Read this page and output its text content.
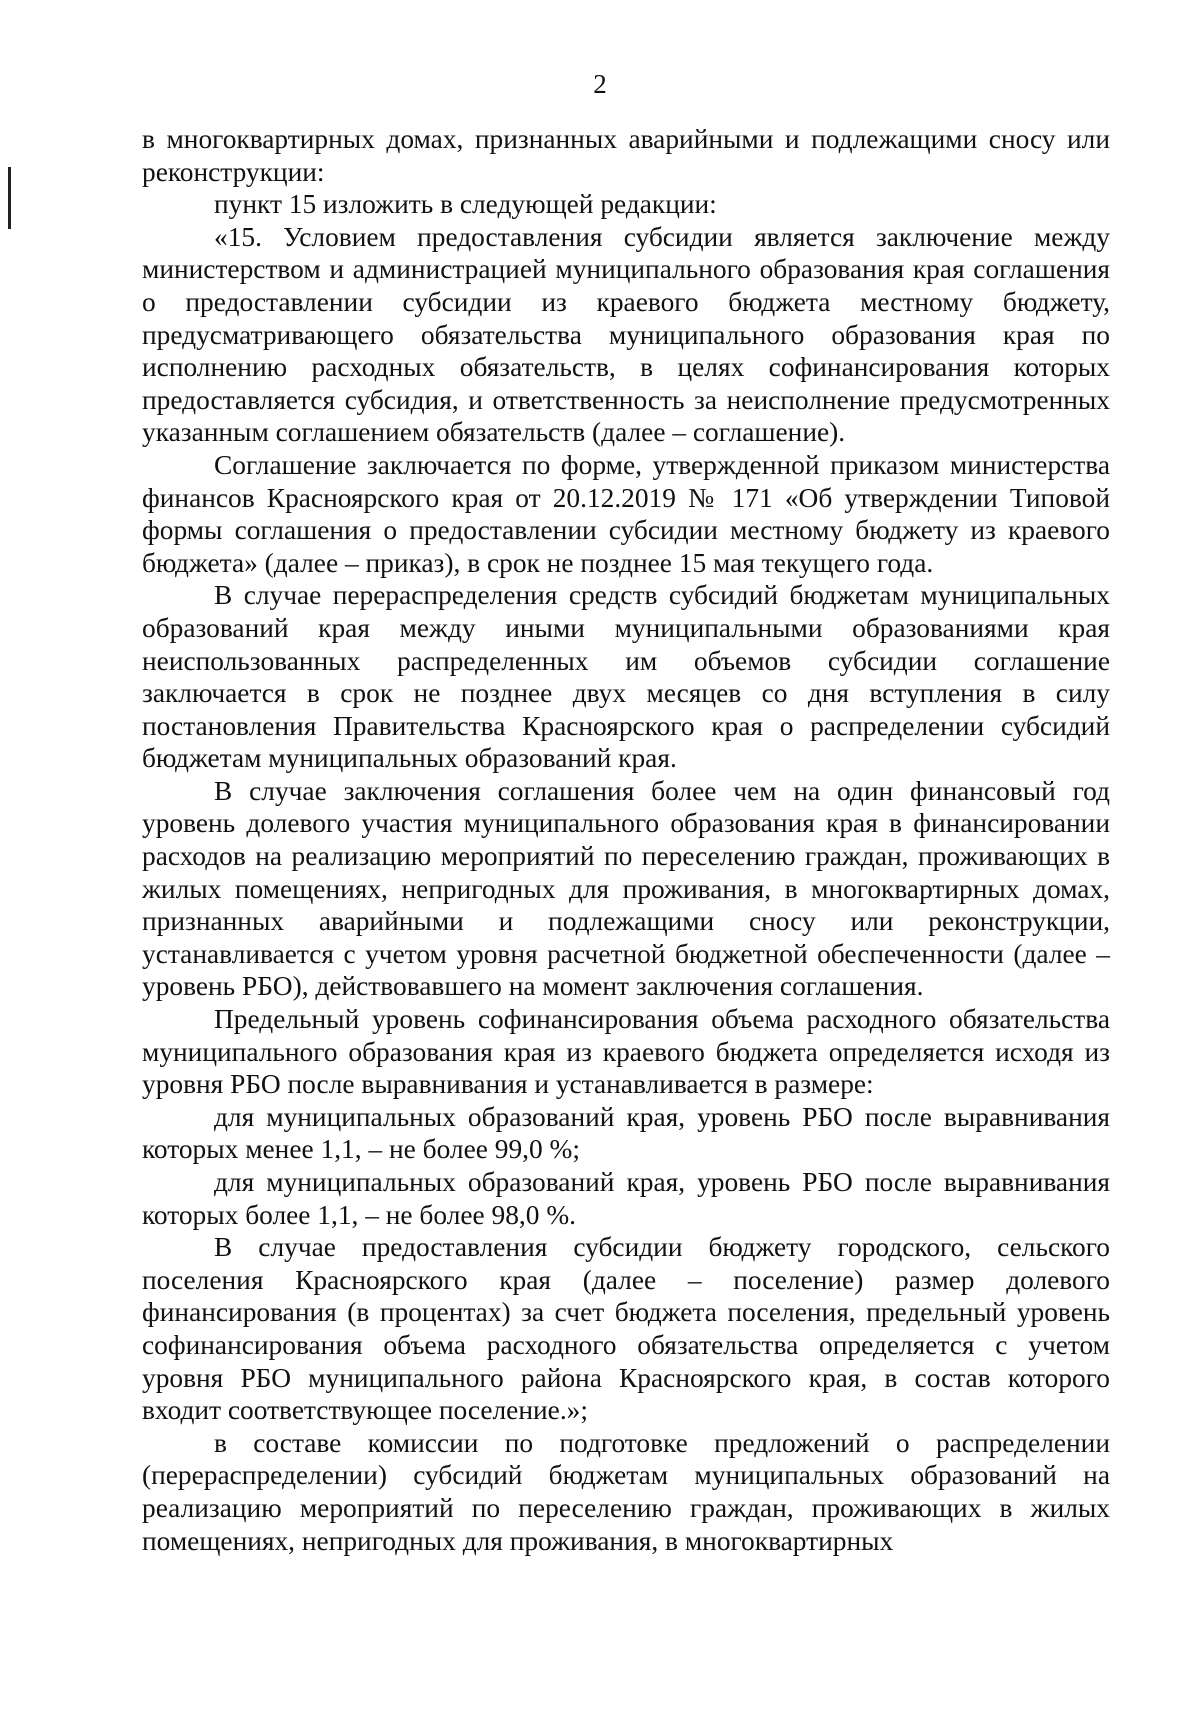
2

в многоквартирных домах, признанных аварийными и подлежащими сносу или реконструкции:

пункт 15 изложить в следующей редакции:

«15. Условием предоставления субсидии является заключение между министерством и администрацией муниципального образования края соглашения о предоставлении субсидии из краевого бюджета местному бюджету, предусматривающего обязательства муниципального образования края по исполнению расходных обязательств, в целях софинансирования которых предоставляется субсидия, и ответственность за неисполнение предусмотренных указанным соглашением обязательств (далее – соглашение).

Соглашение заключается по форме, утвержденной приказом министерства финансов Красноярского края от 20.12.2019 № 171 «Об утверждении Типовой формы соглашения о предоставлении субсидии местному бюджету из краевого бюджета» (далее – приказ), в срок не позднее 15 мая текущего года.

В случае перераспределения средств субсидий бюджетам муниципальных образований края между иными муниципальными образованиями края неиспользованных распределенных им объемов субсидии соглашение заключается в срок не позднее двух месяцев со дня вступления в силу постановления Правительства Красноярского края о распределении субсидий бюджетам муниципальных образований края.

В случае заключения соглашения более чем на один финансовый год уровень долевого участия муниципального образования края в финансировании расходов на реализацию мероприятий по переселению граждан, проживающих в жилых помещениях, непригодных для проживания, в многоквартирных домах, признанных аварийными и подлежащими сносу или реконструкции, устанавливается с учетом уровня расчетной бюджетной обеспеченности (далее – уровень РБО), действовавшего на момент заключения соглашения.

Предельный уровень софинансирования объема расходного обязательства муниципального образования края из краевого бюджета определяется исходя из уровня РБО после выравнивания и устанавливается в размере:

для муниципальных образований края, уровень РБО после выравнивания которых менее 1,1, – не более 99,0 %;

для муниципальных образований края, уровень РБО после выравнивания которых более 1,1, – не более 98,0 %.

В случае предоставления субсидии бюджету городского, сельского поселения Красноярского края (далее – поселение) размер долевого финансирования (в процентах) за счет бюджета поселения, предельный уровень софинансирования объема расходного обязательства определяется с учетом уровня РБО муниципального района Красноярского края, в состав которого входит соответствующее поселение.»;

в составе комиссии по подготовке предложений о распределении (перераспределении) субсидий бюджетам муниципальных образований на реализацию мероприятий по переселению граждан, проживающих в жилых помещениях, непригодных для проживания, в многоквартирных
